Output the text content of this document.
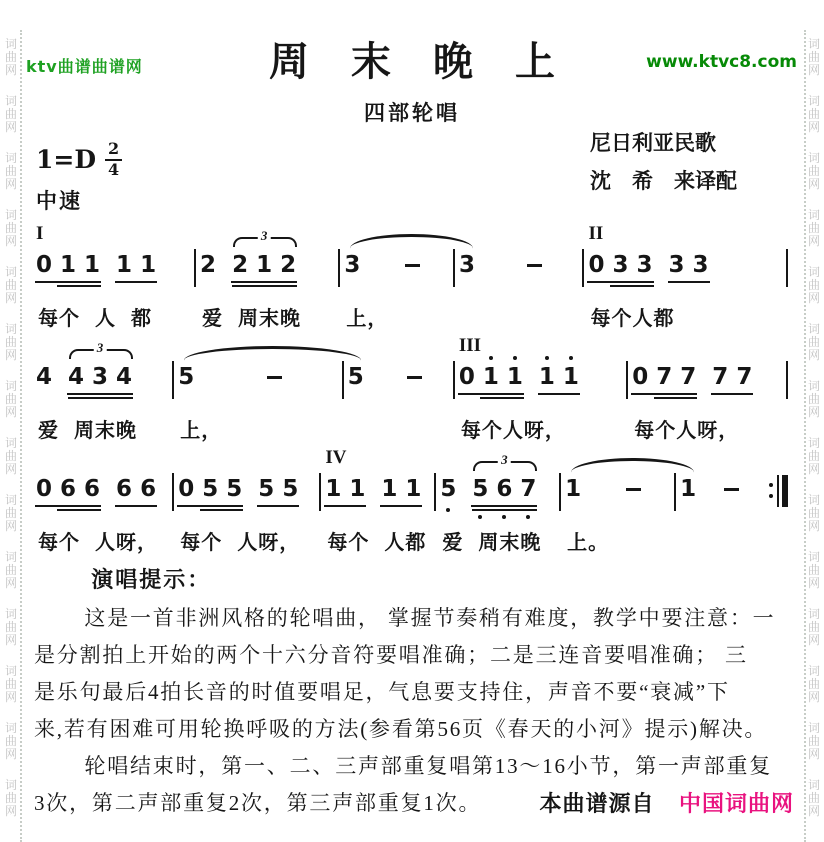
词
曲
网
词
曲
网
词
曲
网
词
曲
网
词
曲
网
词
曲
网
词
曲
网
词
曲
网
词
曲
网
词
曲
网
词
曲
网
词
曲
网
词
曲
网
词
曲
网
词
曲
网
词
曲
网
词
曲
网
词
曲
网
词
曲
网
词
曲
网
词
曲
网
词
曲
网
词
曲
网
词
曲
网
词
曲
网
词
曲
网
词
曲
网
词
曲
网
ktv曲谱曲谱网	www.ktvc8.com
周末晚上
四部轮唱
尼日利亚民歌
沈　希　来译配
$1=D \frac{2}{4}$
中速
I
0 1 1 1 1
每个 人 都
2
3
2 1 2
爱 周末晚
3
上，
3
II
0 3 3 3 3
每个人都
4
3
4 3 4
爱 周末晚
5
上，
5
III
0 1 1 1 1
每个人呀，
0 7 7 7 7
每个人呀，
0 6 6 6 6
每个 人呀，
0 5 5 5 5
每个 人呀，
IV
1 1 1 1
每个 人都
5
3
5 6 7
爱 周末晚
1
上。
1
演唱提示：
这是一首非洲风格的轮唱曲， 掌握节奏稍有难度，教学中要注意：一
是分割拍上开始的两个十六分音符要唱准确；二是三连音要唱准确； 三
是乐句最后4拍长音的时值要唱足，气息要支持住，声音不要“衰减”下
来,若有困难可用轮换呼吸的方法(参看第56页《春天的小河》提示)解决。
轮唱结束时，第一、二、三声部重复唱第13～16小节，第一声部重复
3次，第二声部重复2次，第三声部重复1次。	本曲谱源自 中国词曲网
